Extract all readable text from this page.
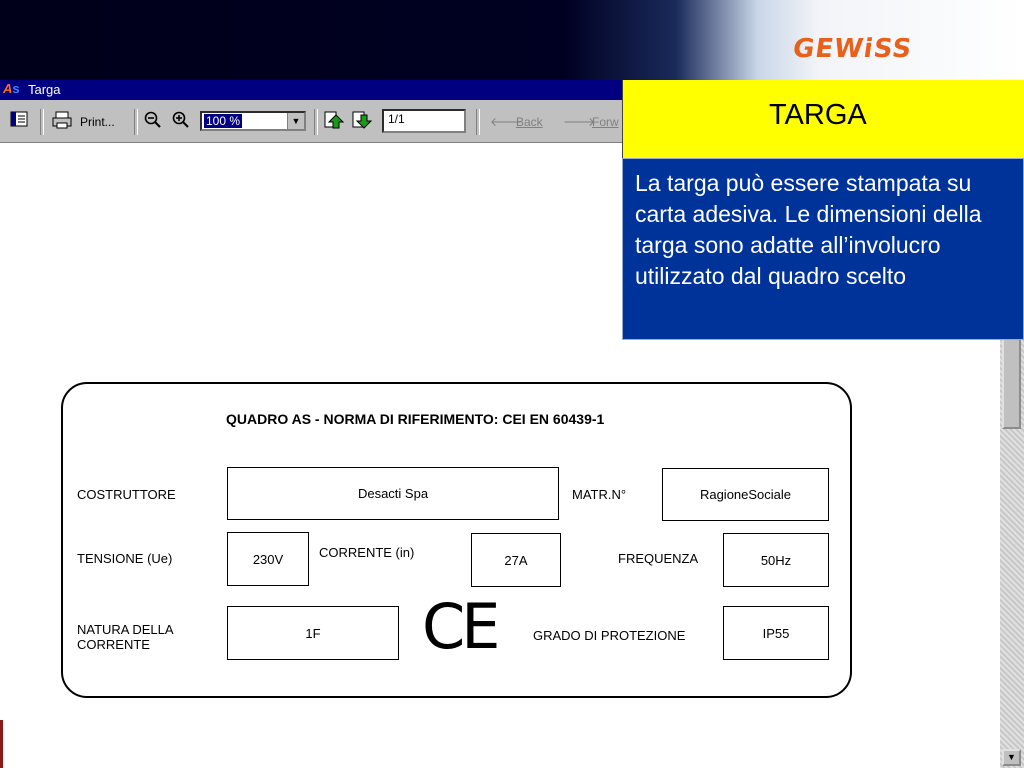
GEWiSS
As Targa
Print...	100 %	▼	🡐
Back 🡒
Forw
1/1
▼
QUADRO AS - NORMA DI RIFERIMENTO: CEI EN 60439-1
COSTRUTTORE	Desacti Spa	MATR.N°	RagioneSociale
TENSIONE (Ue)	230V	CORRENTE (in)	27A	FREQUENZA	50Hz
NATURA DELLA
CORRENTE
1F	CE	GRADO DI PROTEZIONE	IP55
TARGA
La targa può essere stampata su carta adesiva. Le dimensioni della targa sono adatte all’involucro utilizzato dal quadro scelto
